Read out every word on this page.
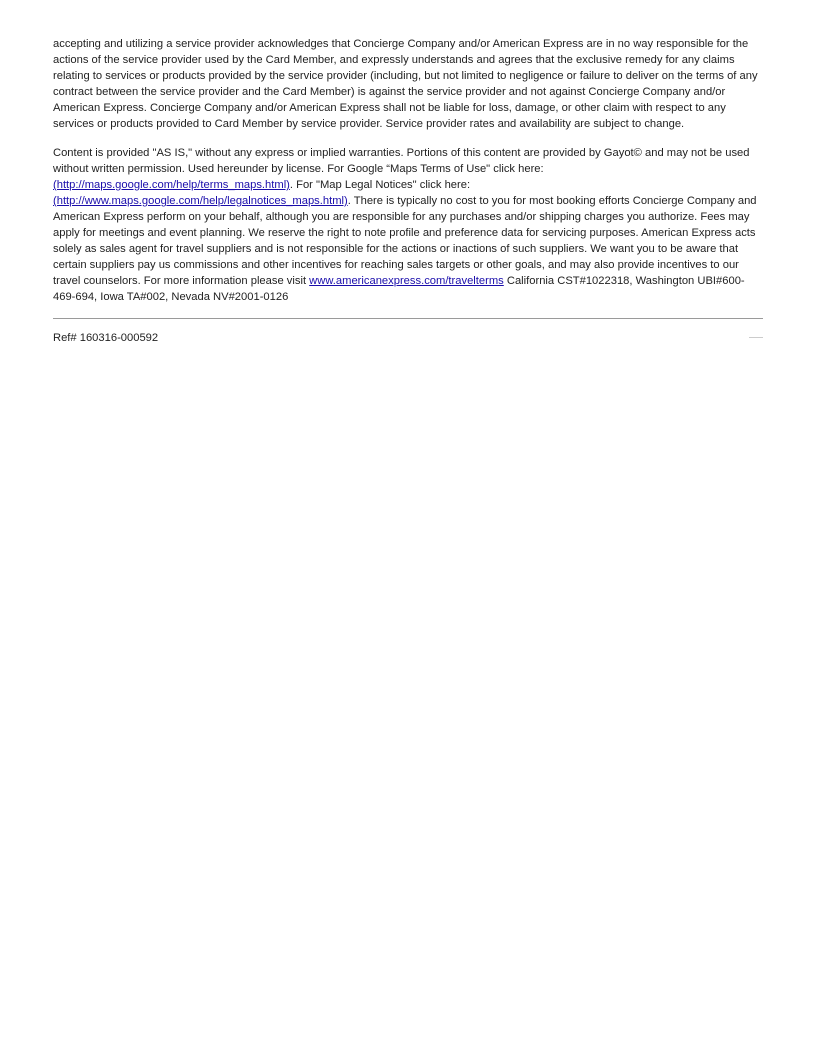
accepting and utilizing a service provider acknowledges that Concierge Company and/or American Express are in no way responsible for the actions of the service provider used by the Card Member, and expressly understands and agrees that the exclusive remedy for any claims relating to services or products provided by the service provider (including, but not limited to negligence or failure to deliver on the terms of any contract between the service provider and the Card Member) is against the service provider and not against Concierge Company and/or American Express. Concierge Company and/or American Express shall not be liable for loss, damage, or other claim with respect to any services or products provided to Card Member by service provider. Service provider rates and availability are subject to change.

Content is provided "AS IS," without any express or implied warranties. Portions of this content are provided by Gayot© and may not be used without written permission. Used hereunder by license. For Google “Maps Terms of Use" click here: (http://maps.google.com/help/terms_maps.html). For "Map Legal Notices" click here: (http://www.maps.google.com/help/legalnotices_maps.html). There is typically no cost to you for most booking efforts Concierge Company and American Express perform on your behalf, although you are responsible for any purchases and/or shipping charges you authorize. Fees may apply for meetings and event planning. We reserve the right to note profile and preference data for servicing purposes. American Express acts solely as sales agent for travel suppliers and is not responsible for the actions or inactions of such suppliers. We want you to be aware that certain suppliers pay us commissions and other incentives for reaching sales targets or other goals, and may also provide incentives to our travel counselors. For more information please visit www.americanexpress.com/travelterms California CST#1022318, Washington UBI#600-469-694, Iowa TA#002, Nevada NV#2001-0126

Ref# 160316-000592
